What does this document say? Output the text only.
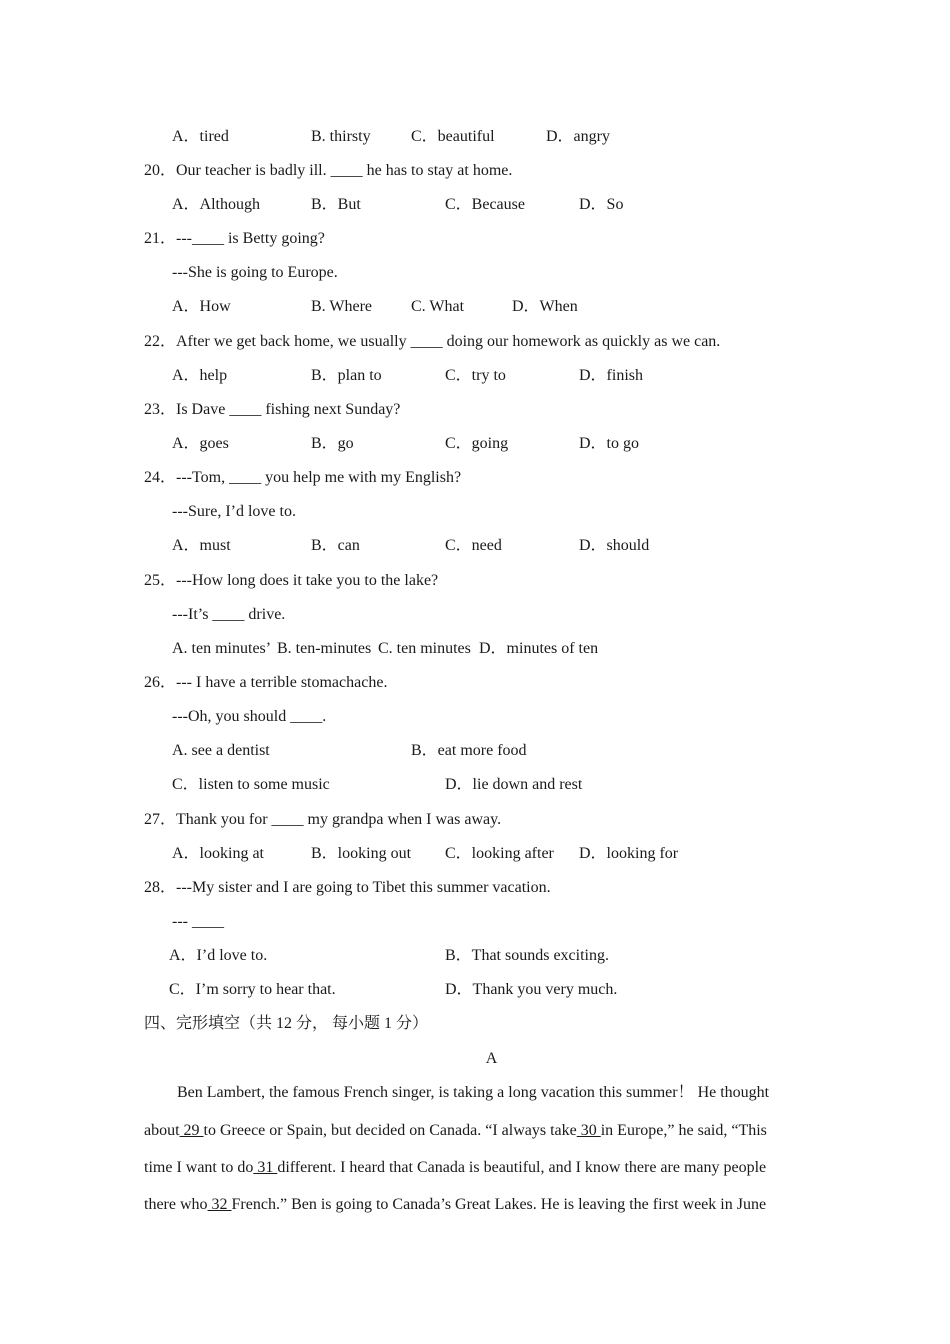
A．tired	B. thirsty	C．beautiful	D．angry
20．Our teacher is badly ill. ____ he has to stay at home.
A．Although	B．But	C．Because	D．So
21．---____ is Betty going?
---She is going to Europe.
A．How	B. Where C. What	D．When
22．After we get back home, we usually ____ doing our homework as quickly as we can.
A．help	B．plan to	C．try to	D．finish
23．Is Dave ____ fishing next Sunday?
A．goes	B．go	C．going	D．to go
24．---Tom, ____ you help me with my English?
---Sure, I’d love to.
A．must	B．can	C．need	D．should
25．---How long does it take you to the lake?
---It’s ____ drive.
A. ten minutes’ B. ten-minutes C. ten minutes D．minutes of ten
26．--- I have a terrible stomachache.
---Oh, you should ____.
A. see a dentist	B．eat more food
C．listen to some music	D．lie down and rest
27．Thank you for ____ my grandpa when I was away.
A．looking at	B．looking out C．looking after D．looking for
28．---My sister and I are going to Tibet this summer vacation.
--- ____
A．I’d love to.	B．That sounds exciting.
C．I’m sorry to hear that.	D．Thank you very much.
四、完形填空（共 12 分， 每小题 1 分）
A
Ben Lambert, the famous French singer, is taking a long vacation this summer！ He thought
about 29 to Greece or Spain, but decided on Canada. “I always take 30 in Europe,” he said, “This
time I want to do 31 different. I heard that Canada is beautiful, and I know there are many people
there who 32 French.” Ben is going to Canada’s Great Lakes. He is leaving the first week in June
